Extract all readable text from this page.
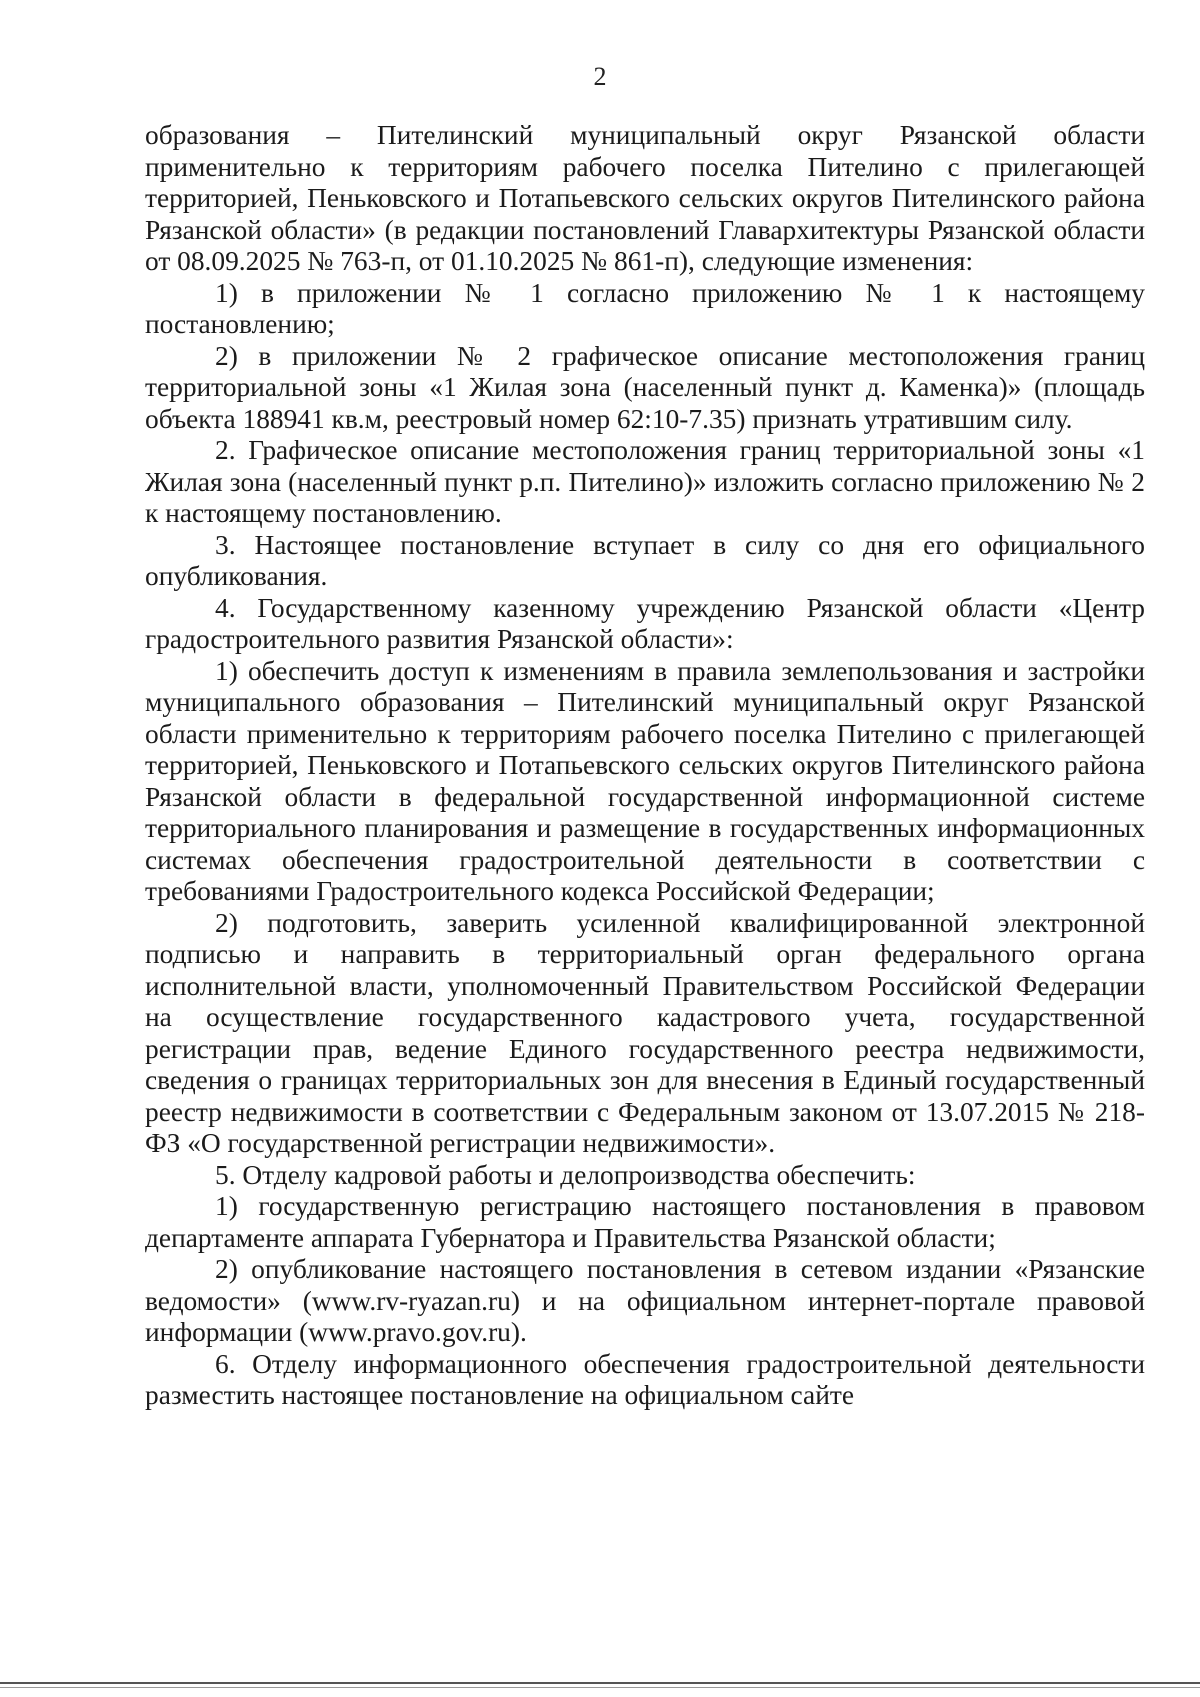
2

образования – Пителинский муниципальный округ Рязанской области применительно к территориям рабочего поселка Пителино с прилегающей территорией, Пеньковского и Потапьевского сельских округов Пителинского района Рязанской области» (в редакции постановлений Главархитектуры Рязанской области от 08.09.2025 № 763-п, от 01.10.2025 № 861-п), следующие изменения:

1) в приложении № 1 согласно приложению № 1 к настоящему постановлению;

2) в приложении № 2 графическое описание местоположения границ территориальной зоны «1 Жилая зона (населенный пункт д. Каменка)» (площадь объекта 188941 кв.м, реестровый номер 62:10-7.35) признать утратившим силу.

2. Графическое описание местоположения границ территориальной зоны «1 Жилая зона (населенный пункт р.п. Пителино)» изложить согласно приложению № 2 к настоящему постановлению.

3. Настоящее постановление вступает в силу со дня его официального опубликования.

4. Государственному казенному учреждению Рязанской области «Центр градостроительного развития Рязанской области»:

1) обеспечить доступ к изменениям в правила землепользования и застройки муниципального образования – Пителинский муниципальный округ Рязанской области применительно к территориям рабочего поселка Пителино с прилегающей территорией, Пеньковского и Потапьевского сельских округов Пителинского района Рязанской области в федеральной государственной информационной системе территориального планирования и размещение в государственных информационных системах обеспечения градостроительной деятельности в соответствии с требованиями Градостроительного кодекса Российской Федерации;

2) подготовить, заверить усиленной квалифицированной электронной подписью и направить в территориальный орган федерального органа исполнительной власти, уполномоченный Правительством Российской Федерации на осуществление государственного кадастрового учета, государственной регистрации прав, ведение Единого государственного реестра недвижимости, сведения о границах территориальных зон для внесения в Единый государственный реестр недвижимости в соответствии с Федеральным законом от 13.07.2015 № 218-ФЗ «О государственной регистрации недвижимости».

5. Отделу кадровой работы и делопроизводства обеспечить:

1) государственную регистрацию настоящего постановления в правовом департаменте аппарата Губернатора и Правительства Рязанской области;

2) опубликование настоящего постановления в сетевом издании «Рязанские ведомости» (www.rv-ryazan.ru) и на официальном интернет-портале правовой информации (www.pravo.gov.ru).

6. Отделу информационного обеспечения градостроительной деятельности разместить настоящее постановление на официальном сайте
